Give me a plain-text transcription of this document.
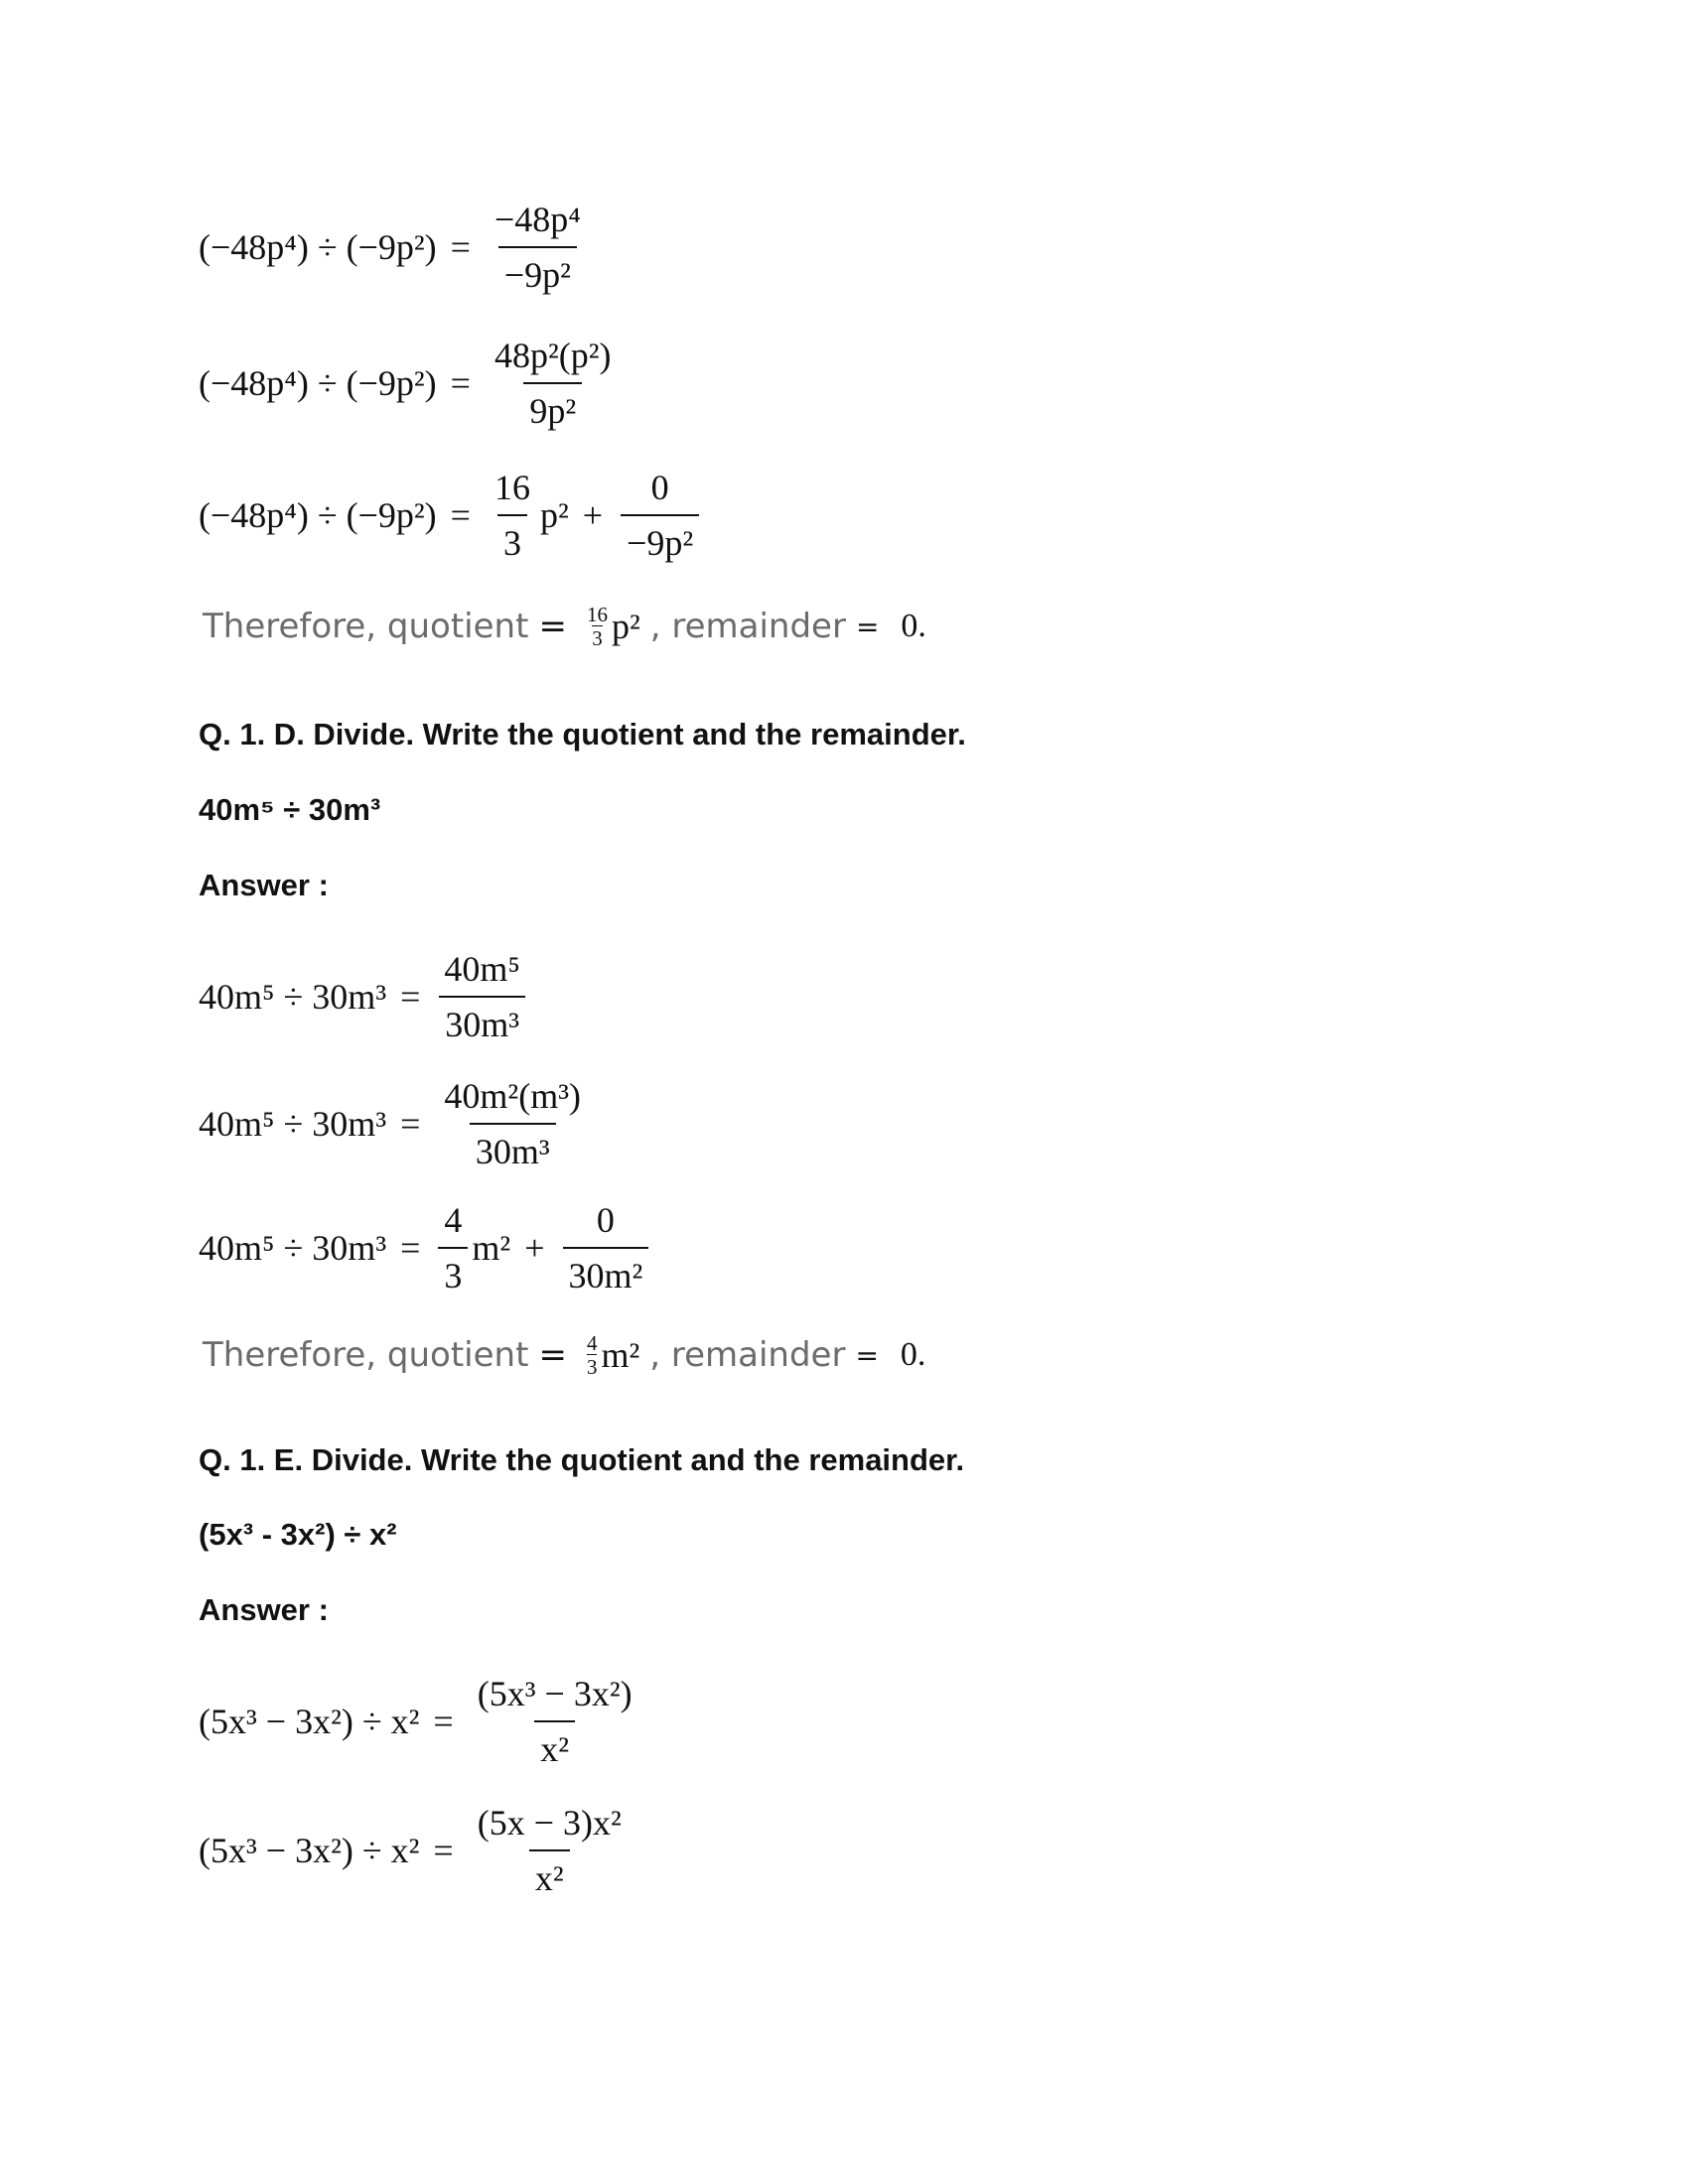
$(-48p^4) \div (-9p^2) = \frac{\text{−48p⁴}}{\text{−9p²}}$
$(-48p^4) \div (-9p^2) = \frac{\text{48p²(p²)}}{\text{9p²}}$
$(-48p^4) \div (-9p^2) = \frac{16}{3} p^2 + \frac{0}{\text{−9p²}}$
Therefore, quotient = $\frac{16}{3} p^2$ , remainder = 0.
Q. 1. D. Divide. Write the quotient and the remainder.
40m⁵ ÷ 30m³
Answer :
$40m^5 \div 30m^3 = \frac{\text{40m⁵}}{\text{30m³}}$
$40m^5 \div 30m^3 = \frac{\text{40m²(m³)}}{\text{30m³}}$
$40m^5 \div 30m^3 = \frac{4}{3} m^2 + \frac{0}{\text{30m²}}$
Therefore, quotient = $\frac{4}{3} m^2$ , remainder = 0.
Q. 1. E. Divide. Write the quotient and the remainder.
(5x³ - 3x²) ÷ x²
Answer :
$(5x^3 - 3x^2) \div x^2 = \frac{\text{(5x³ − 3x²)}}{\text{x²}}$
$(5x^3 - 3x^2) \div x^2 = \frac{\text{(5x − 3)x²}}{\text{x²}}$
